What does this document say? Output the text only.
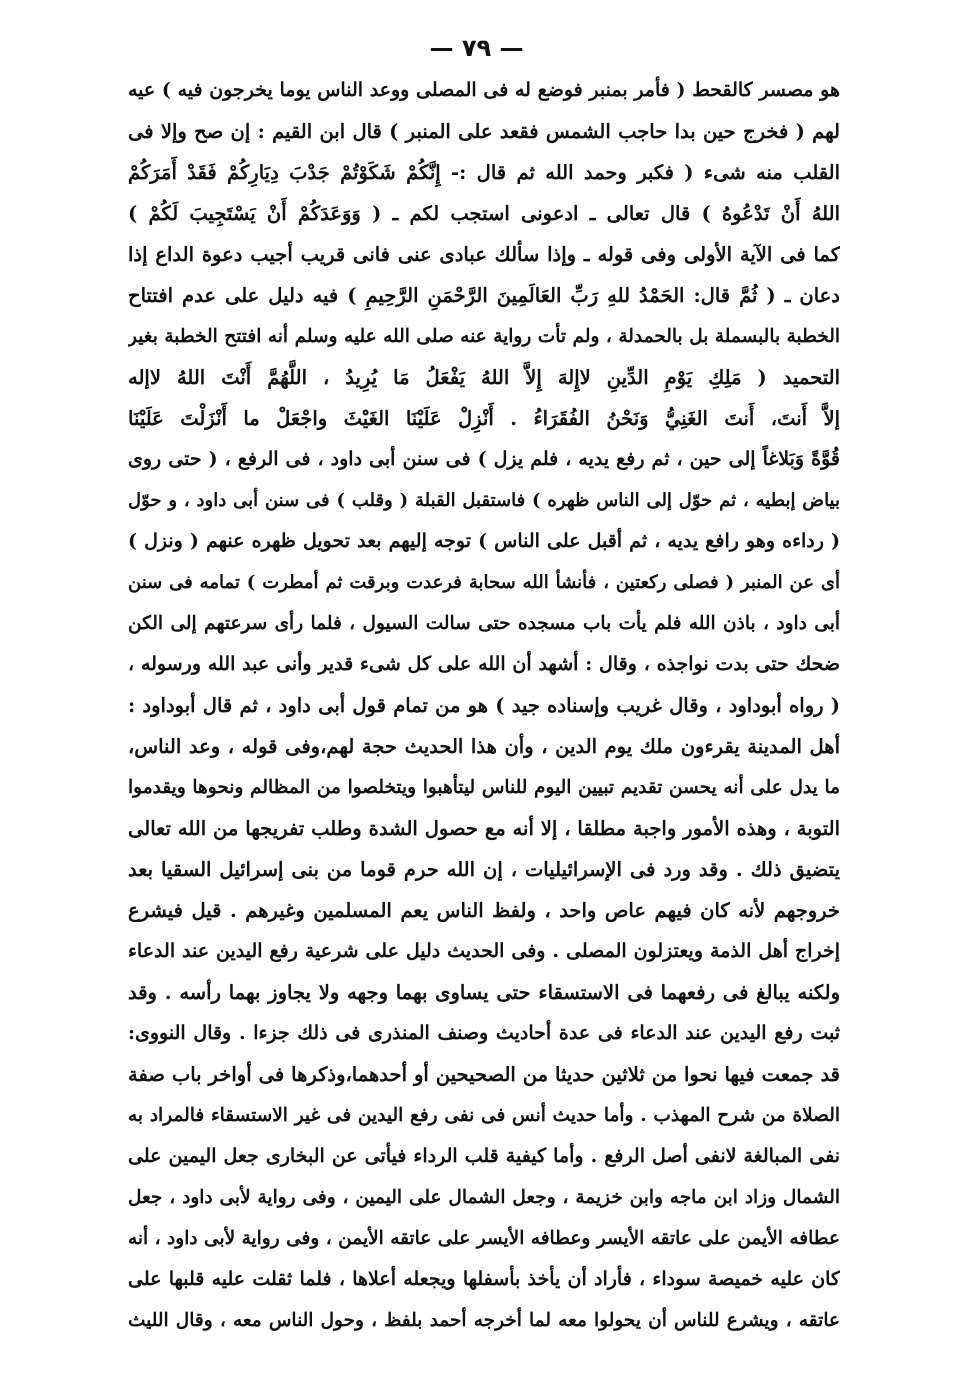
— ٧٩ —
هو مصسر كالقحط ( فأمر بمنبر فوضع له فى المصلى ووعد الناس يوما يخرجون فيه ) عيه
لهم ( فخرج حين بدا حاجب الشمس فقعد على المنبر ) قال ابن القيم : إن صح وإلا فى
القلب منه شىء ( فكبر وحمد الله ثم قال :- إِنَّكُمْ شَكَوْتُمْ جَدْبَ دِيَارِكُمْ فَقَدْ أَمَرَكُمْ
اللهُ أَنْ تَدْعُوهُ ) قال تعالى ـ ادعونى استجب لكم ـ ( وَوَعَدَكُمْ أَنْ يَسْتَجِيبَ لَكُمْ )
كما فى الآية الأولى وفى قوله ـ وإذا سألك عبادى عنى فانى قريب أجيب دعوة الداع إذا
دعان ـ ( ثُمَّ قال: الحَمْدُ للهِ رَبِّ العَالَمِينَ الرَّحْمَنِ الرَّحِيمِ ) فيه دليل على عدم افتتاح
الخطبة بالبسملة بل بالحمدلة ، ولم تأت رواية عنه صلى الله عليه وسلم أنه افتتح الخطبة بغير
التحميد ( مَلِكِ يَوْمِ الدِّينِ لاإِلهَ إِلاَّ اللهُ يَفْعَلُ مَا يُرِيدُ ، اللَّهُمَّ أَنْتَ اللهُ لاإله
إلاَّ أَنتَ، أَنتَ الغَنِيُّ وَنَحْنُ الفُقَرَاءُ . أَنْزِلْ عَلَيْنَا الغَيْثَ واجْعَلْ ما أَنْزَلْتَ عَلَيْنَا
قُوَّةً وَبَلاغاً إلى حين ، ثم رفع يديه ، فلم يزل ) فى سنن أبى داود ، فى الرفع ، ( حتى روى
بياض إبطيه ، ثم حوّل إلى الناس ظهره ) فاستقبل القبلة ( وقلب ) فى سنن أبى داود ، و حوّل
( رداءه وهو رافع يديه ، ثم أقبل على الناس ) توجه إليهم بعد تحويل ظهره عنهم ( ونزل )
أى عن المنبر ( فصلى ركعتين ، فأنشأ الله سحابة فرعدت وبرقت ثم أمطرت ) تمامه فى سنن
أبى داود ، باذن الله فلم يأت باب مسجده حتى سالت السيول ، فلما رأى سرعتهم إلى الكن
ضحك حتى بدت نواجذه ، وقال : أشهد أن الله على كل شىء قدير وأنى عبد الله ورسوله ،
( رواه أبوداود ، وقال غريب وإسناده جيد ) هو من تمام قول أبى داود ، ثم قال أبوداود :
أهل المدينة يقرءون ملك يوم الدين ، وأن هذا الحديث حجة لهم،وفى قوله ، وعد الناس،
ما يدل على أنه يحسن تقديم تبيين اليوم للناس ليتأهبوا ويتخلصوا من المظالم ونحوها ويقدموا
التوبة ، وهذه الأمور واجبة مطلقا ، إلا أنه مع حصول الشدة وطلب تفريجها من الله تعالى
يتضيق ذلك . وقد ورد فى الإسرائيليات ، إن الله حرم قوما من بنى إسرائيل السقيا بعد
خروجهم لأنه كان فيهم عاص واحد ، ولفظ الناس يعم المسلمين وغيرهم . قيل فيشرع
إخراج أهل الذمة ويعتزلون المصلى . وفى الحديث دليل على شرعية رفع اليدين عند الدعاء
ولكنه يبالغ فى رفعهما فى الاستسقاء حتى يساوى بهما وجهه ولا يجاوز بهما رأسه . وقد
ثبت رفع اليدين عند الدعاء فى عدة أحاديث وصنف المنذرى فى ذلك جزءا . وقال النووى:
قد جمعت فيها نحوا من ثلاثين حديثا من الصحيحين أو أحدهما،وذكرها فى أواخر باب صفة
الصلاة من شرح المهذب . وأما حديث أنس فى نفى رفع اليدين فى غير الاستسقاء فالمراد به
نفى المبالغة لانفى أصل الرفع . وأما كيفية قلب الرداء فيأتى عن البخارى جعل اليمين على
الشمال وزاد ابن ماجه وابن خزيمة ، وجعل الشمال على اليمين ، وفى رواية لأبى داود ، جعل
عطافه الأيمن على عاتقه الأيسر وعطافه الأيسر على عاتقه الأيمن ، وفى رواية لأبى داود ، أنه
كان عليه خميصة سوداء ، فأراد أن يأخذ بأسفلها ويجعله أعلاها ، فلما ثقلت عليه قلبها على
عاتقه ، ويشرع للناس أن يحولوا معه لما أخرجه أحمد بلفظ ، وحول الناس معه ، وقال الليث
